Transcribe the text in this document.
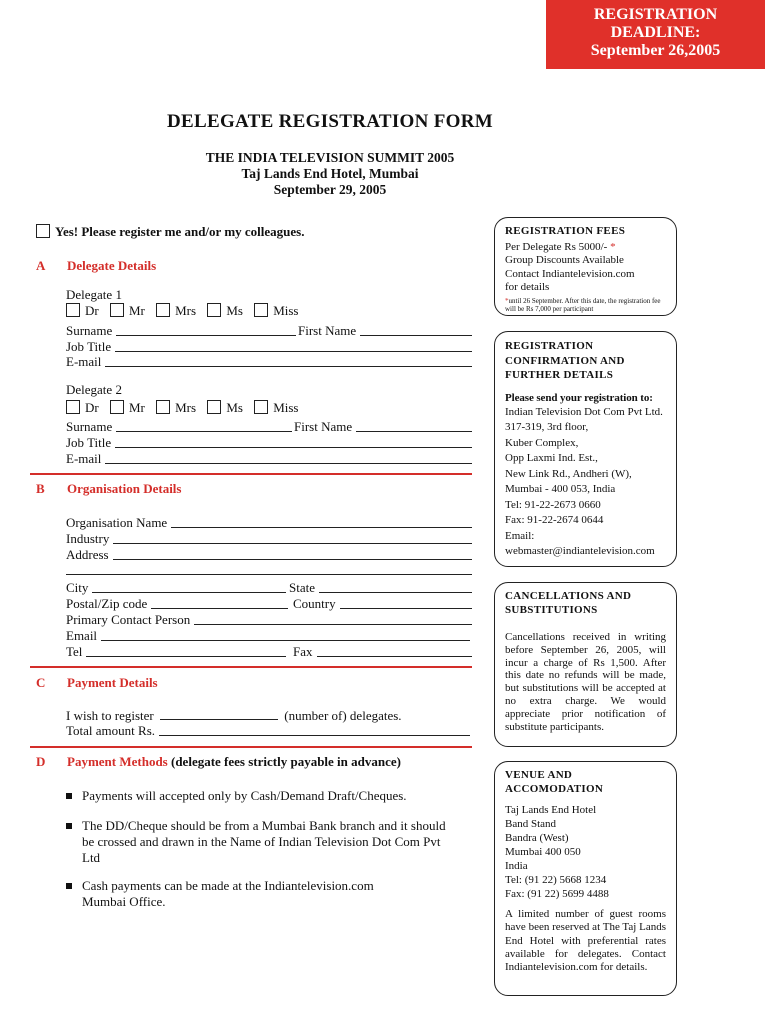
REGISTRATION
DEADLINE:
September 26,2005
DELEGATE REGISTRATION FORM
THE INDIA TELEVISION SUMMIT 2005
Taj Lands End Hotel, Mumbai
September 29, 2005
Yes! Please register me and/or my colleagues.
A Delegate Details
Delegate 1
Dr Mr Mrs Ms Miss
Surname	First Name
Job Title
E-mail
Delegate 2
Dr Mr Mrs Ms Miss
Surname	First Name
Job Title
E-mail
B Organisation Details
Organisation Name
Industry
Address
City	State
Postal/Zip code	Country
Primary Contact Person
Email
Tel	Fax
C Payment Details
I wish to register	(number of) delegates.
Total amount Rs.
D Payment Methods (delegate fees strictly payable in advance)
Payments will accepted only by Cash/Demand Draft/Cheques.
The DD/Cheque should be from a Mumbai Bank branch and it should be crossed and drawn in the Name of Indian Television Dot Com Pvt Ltd
Cash payments can be made at the Indiantelevision.com Mumbai Office.
REGISTRATION FEES
Per Delegate Rs 5000/- *
Group Discounts Available
Contact Indiantelevision.com
for details
*until 26 September. After this date, the registration fee will be Rs 7,000 per participant
REGISTRATION
CONFIRMATION AND
FURTHER DETAILS
Please send your registration to:
Indian Television Dot Com Pvt Ltd.
317-319, 3rd floor,
Kuber Complex,
Opp Laxmi Ind. Est.,
New Link Rd., Andheri (W),
Mumbai - 400 053, India
Tel: 91-22-2673 0660
Fax: 91-22-2674 0644
Email:
webmaster@indiantelevision.com
CANCELLATIONS AND
SUBSTITUTIONS
Cancellations received in writing before September 26, 2005, will incur a charge of Rs 1,500. After this date no refunds will be made, but substitutions will be accepted at no extra charge. We would appreciate prior notification of substitute participants.
VENUE AND
ACCOMODATION
Taj Lands End Hotel
Band Stand
Bandra (West)
Mumbai 400 050
India
Tel: (91 22) 5668 1234
Fax: (91 22) 5699 4488
A limited number of guest rooms have been reserved at The Taj Lands End Hotel with preferential rates available for delegates. Contact Indiantelevision.com for details.
